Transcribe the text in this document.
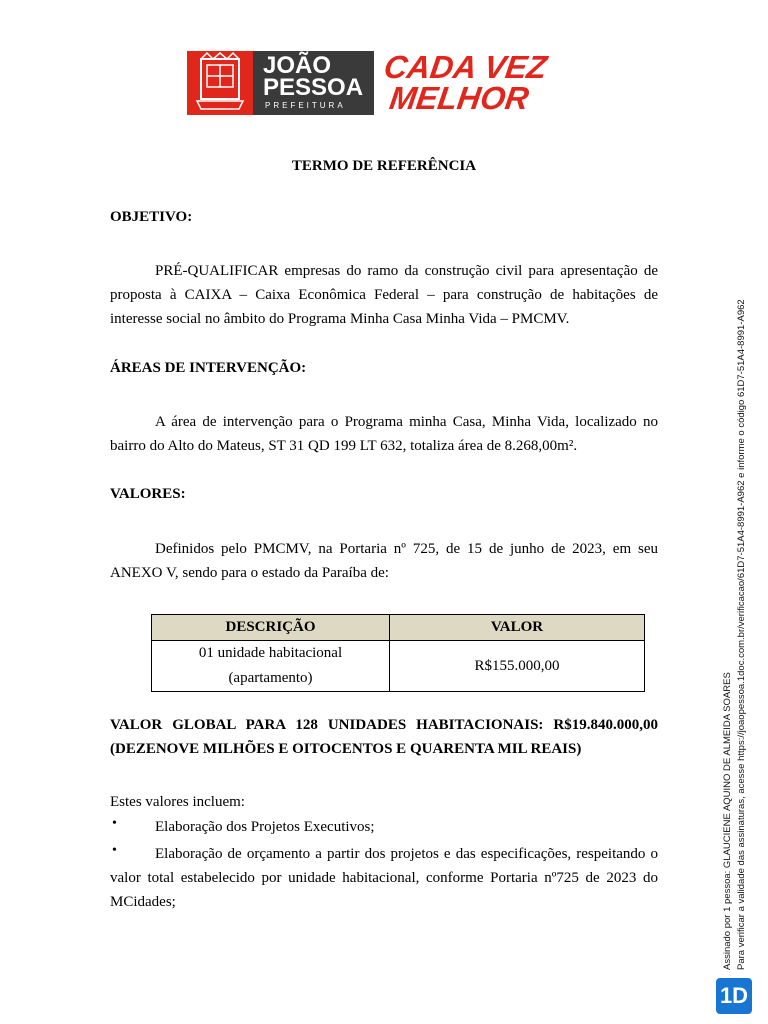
JOÃO
PESSOA
PREFEITURA
CADA VEZ
MELHOR
TERMO DE REFERÊNCIA
OBJETIVO:
PRÉ-QUALIFICAR empresas do ramo da construção civil para apresentação de proposta à CAIXA – Caixa Econômica Federal – para construção de habitações de interesse social no âmbito do Programa Minha Casa Minha Vida – PMCMV.
ÁREAS DE INTERVENÇÃO:
A área de intervenção para o Programa minha Casa, Minha Vida, localizado no bairro do Alto do Mateus, ST 31 QD 199 LT 632, totaliza área de 8.268,00m².
VALORES:
Definidos pelo PMCMV, na Portaria nº 725, de 15 de junho de 2023, em seu ANEXO V, sendo para o estado da Paraíba de:
DESCRIÇÃO	VALOR

01 unidade habitacional
(apartamento)	R$155.000,00
VALOR GLOBAL PARA 128 UNIDADES HABITACIONAIS: R$19.840.000,00 (DEZENOVE MILHÕES E OITOCENTOS E QUARENTA MIL REAIS)
Estes valores incluem:
•	Elaboração dos Projetos Executivos;
•	Elaboração de orçamento a partir dos projetos e das especificações, respeitando o valor total estabelecido por unidade habitacional, conforme Portaria nº725 de 2023 do MCidades;	Assinado por 1 pessoa: GLAUCIENE AQUINO DE ALMEIDA SOARES Para verificar a validade das assinaturas, acesse https://joaopessoa.1doc.com.br/verificacao/61D7-51A4-8991-A962 e informe o código 61D7-51A4-8991-A962
1D
